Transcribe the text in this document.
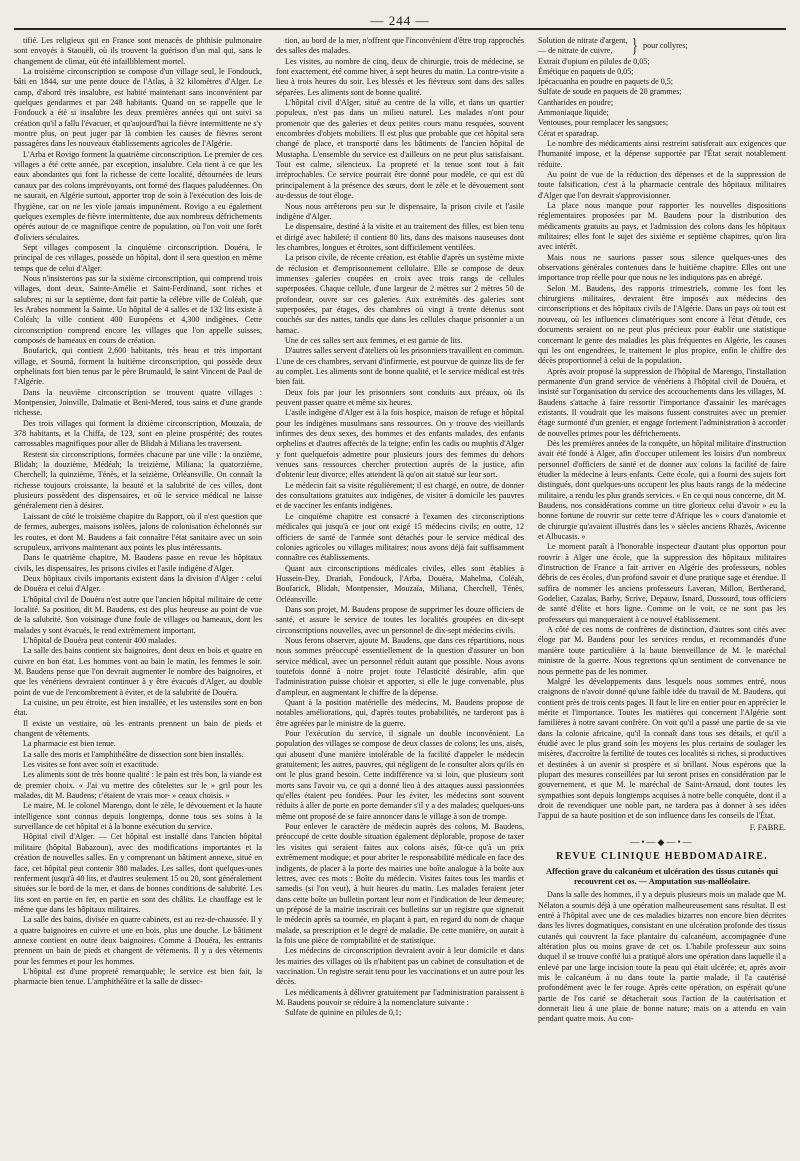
— 244 —

tifié. Les religieux qui en France sont menacés de phthisie pulmonaire sont envoyés à Staouëli, où ils trouvent la guérison d'un mal qui, sans le changement de climat, eût été infailliblement mortel.

La troisième circonscription se compose d'un village seul, le Fondouck, bâti en 1844, sur une pente douce de l'Atlas, à 32 kilomètres d'Alger. Le camp, d'abord très insalubre, est habité maintenant sans inconvénient par quelques gendarmes et par 248 habitants. Quand on se rappelle que le Fondouck a été si insalubre les deux premières années qui ont suivi sa création qu'il a fallu l'évacuer, et qu'aujourd'hui la fièvre intermittente ne s'y montre plus, on peut juger par là combien les causes de fièvres seront passagères dans les nouveaux établissements agricoles de l'Algérie.

L'Arba et Rovigo forment la quatrième circonscription. Le premier de ces villages a été cette année, par exception, insalubre. Cela tient à ce que les eaux abondantes qui font la richesse de cette localité, détournées de leurs canaux par des colons imprévoyants, ont formé des flaques paludéennes. On ne saurait, en Algérie surtout, apporter trop de soin à l'exécution des lois de l'hygiène, car on ne les viole jamais impunément. Rovigo a eu également quelques exemples de fièvre intermittente, due aux nombreux défrichements opérés autour de ce magnifique centre de population, où l'on voit une forêt d'oliviers séculaires.

Sept villages composent la cinquième circonscription. Douéra, le principal de ces villages, possède un hôpital, dont il sera question en même temps que de celui d'Alger.

Nous n'insisterons pas sur la sixième circonscription, qui comprend trois villages, dont deux, Sainte-Amélie et Saint-Ferdinand, sont riches et salubres; ni sur la septième, dont fait partie la célèbre ville de Coléah, que les Arabes nomment la Sainte. Un hôpital de 4 salles et de 132 lits existe à Coléah; la ville contient 400 Européens et 4,300 indigènes. Cette circonscription comprend encore les villages que l'on appelle suisses, composés de hameaux en cours de création.

Boufarick, qui contient 2,600 habitants, très beau et très important village, et Soumâ, forment la huitième circonscription, qui possède deux orphelinats fort bien tenus par le père Brumauld, le saint Vincent de Paul de l'Algérie.

Dans la neuvième circonscription se trouvent quatre villages : Montpensier, Joinville, Dalmatie et Beni-Mered, tous sains et d'une grande richesse.

Des trois villages qui forment la dixième circonscription, Mouzaïa, de 378 habitants, et la Chiffa, de 123, sont en pleine prospérité; des routes carrossables magnifiques pour aller de Blidah à Miliana les traversent.

Restent six circonscriptions, formées chacune par une ville : la onzième, Blidah; la douzième, Médéah; la treizième, Miliana; la quatorzième, Cherchell; la quinzième, Ténès, et la seizième, Orléansville. On connaît la richesse toujours croissante, la beauté et la salubrité de ces villes, dont plusieurs possèdent des dispensaires, et où le service médical ne laisse généralement rien à désirer.

Laissant de côté le troisième chapitre du Rapport, où il n'est question que de fermes, auberges, maisons isolées, jalons de colonisation échelonnés sur les routes, et dont M. Baudens a fait connaître l'état sanitaire avec un soin scrupuleux, arrivons maintenant aux points les plus intéressants.

Dans le quatrième chapitre, M. Baudens passe en revue les hôpitaux civils, les dispensaires, les prisons civiles et l'asile indigène d'Alger.

Deux hôpitaux civils importants existent dans la division d'Alger : celui de Douéra et celui d'Alger.

L'hôpital civil de Douéra n'est autre que l'ancien hôpital militaire de cette localité. Sa position, dit M. Baudens, est des plus heureuse au point de vue de la salubrité. Son voisinage d'une foule de villages ou hameaux, dont les malades y sont évacués, le rend extrêmement important.

L'hôpital de Douéra peut contenir 400 malades.

La salle des bains contient six baignoires, dont deux en bois et quatre en cuivre en bon état. Les hommes vont au bain le matin, les femmes le soir. M. Baudens pense que l'on devrait augmenter le nombre des baignoires, et que les vénériens devraient continuer à y être évacués d'Alger, au double point de vue de l'encombrement à éviter, et de la salubrité de Douéra.

La cuisine, un peu étroite, est bien installée, et les ustensiles sont en bon état.

Il existe un vestiaire, où les entrants prennent un bain de pieds et changent de vêtements.

La pharmacie est bien tenue.

La salle des morts et l'amphithéâtre de dissection sont bien installés.

Les visites se font avec soin et exactitude.

Les aliments sont de très bonne qualité : le pain est très bon, la viande est de premier choix. « J'ai vu mettre des côtelettes sur le » gril pour les malades, dit M. Baudens; c'étaient de vrais mor- » ceaux choisis. »

Le maire, M. le colonel Marengo, dont le zèle, le dévouement et la haute intelligence sont connus depuis longtemps, donne tous ses soins à la surveillance de cet hôpital et à la bonne exécution du service.

Hôpital civil d'Alger. — Cet hôpital est installé dans l'ancien hôpital militaire (hôpital Babazoun), avec des modifications importantes et la création de nouvelles salles. En y comprenant un bâtiment annexe, situé en face, cet hôpital peut contenir 380 malades. Les salles, dont quelques-unes renferment jusqu'à 40 lits, et d'autres seulement 15 ou 20, sont généralement situées sur le bord de la mer, et dans de bonnes conditions de salubrité. Les lits sont en partie en fer, en partie en sont des châlits. Le chauffage est le même que dans les hôpitaux militaires.

La salle des bains, divisée en quatre cabinets, est au rez-de-chaussée. Il y a quatre baignoires en cuivre et une en bois, plus une douche. Le bâtiment annexe contient en outre deux baignoires. Comme à Douéra, les entrants prennent un bain de pieds et changent de vêtements. Il y a des vêtements pour les femmes et pour les hommes.

L'hôpital est d'une propreté remarquable; le service est bien fait, la pharmacie bien tenue. L'amphithéâtre et la salle de dissec-

tion, au bord de la mer, n'offrent que l'inconvénient d'être trop rapprochés des salles des malades.

Les visites, au nombre de cinq, deux de chirurgie, trois de médecine, se font exactement, été comme hiver, à sept heures du matin. La contre-visite a lieu à trois heures du soir. Les blessés et les fiévreux sont dans des salles séparées. Les aliments sont de bonne qualité.

L'hôpital civil d'Alger, situé au centre de la ville, et dans un quartier populeux, n'est pas dans un milieu naturel. Les malades n'ont pour promenoir que des galeries et deux petites cours manu resquées, souvent encombrées d'objets mobiliers. Il est plus que probable que cet hôpital sera changé de place, et transporté dans les bâtiments de l'ancien hôpital de Mustapha. L'ensemble du service est d'ailleurs on ne peut plus satisfaisant. Tout est calme, silencieux. La propreté et la tenue sont tout à fait irréprochables. Ce service pourrait être donné pour modèle, ce qui est dû principalement à la présence des sœurs, dont le zèle et le dévouement sont au-dessus de tout éloge.

Nous nous arrêterons peu sur le dispensaire, la prison civile et l'asile indigène d'Alger.

Le dispensaire, destiné à la visite et au traitement des filles, est bien tenu et dirigé avec habileté; il contient 80 lits, dans des maisons nauseuses dont les chambres, longues et étroites, sont difficilement ventilées.

La prison civile, de récente création, est établie d'après un système mixte de réclusion et d'emprisonnement cellulaire. Elle se compose de deux immenses galeries coupées en croix avec trois rangs de cellules superposées. Chaque cellule, d'une largeur de 2 mètres sur 2 mètres 50 de profondeur, ouvre sur ces galeries. Aux extrémités des galeries sont superposées, par étages, des chambres où vingt à trente détenus sont couchés sur des nattes, tandis que dans les cellules chaque prisonnier a un hamac.

Une de ces salles sert aux femmes, et est garnie de lits.

D'autres salles servent d'ateliers où les prisonniers travaillent en commun. L'une de ces chambres, servant d'infirmerie, est pourvue de quinze lits de fer au complet. Les aliments sont de bonne qualité, et le service médical est très bien fait.

Deux fois par jour les prisonniers sont conduits aux préaux, où ils peuvent passer quatre et même six heures.

L'asile indigène d'Alger est à la fois hospice, maison de refuge et hôpital pour les indigènes musulmans sans ressources. On y trouve des vieillards infirmes des deux sexes, des hommes et des enfants malades, des enfants orphelins et d'autres affectés de la teigne; enfin les cadis ou muphtis d'Alger y font quelquefois admettre pour plusieurs jours des femmes du dehors venues sans ressources chercher protection auprès de la justice, afin d'obtenir leur divorce; elles attendent là qu'on ait statué sur leur sort.

Le médecin fait sa visite régulièrement; il est chargé, en outre, de donner des consultations gratuites aux indigènes, de visiter à domicile les pauvres et de vacciner les enfants indigènes.

Le cinquième chapitre est consacré à l'examen des circonscriptions médicales qui jusqu'à ce jour ont exigé 15 médecins civils; en outre, 12 officiers de santé de l'armée sont détachés pour le service médical des colonies agricoles ou villages militaires; nous avons déjà fait suffisamment connaître ces établissements.

Quant aux circonscriptions médicales civiles, elles sont établies à Hussein-Dey, Drariah, Fondouck, l'Arba, Douéra, Mahelma, Coléah, Boufarick, Blidah, Montpensier, Mouzaïa, Miliana, Cherchell, Ténès, Orléansville.

Dans son projet, M. Baudens propose de supprimer les douze officiers de santé, et assure le service de toutes les localités groupées en dix-sept circonscriptions nouvelles, avec un personnel de dix-sept médecins civils.

Nous ferons observer, ajoute M. Baudens, que dans ces répartitions, nous nous sommes préoccupé essentiellement de la question d'assurer un bon service médical, avec un personnel réduit autant que possible. Nous avons toutefois donné à notre projet toute l'élasticité désirable, afin que l'administration puisse choisir et apporter, si elle le juge convenable, plus d'ampleur, en augmentant le chiffre de la dépense.

Quant à la position matérielle des médecins, M. Baudens propose de notables améliorations, qui, d'après toutes probabilités, ne tarderont pas à être agréées par le ministre de la guerre.

Pour l'exécution du service, il signale un double inconvénient. La population des villages se compose de deux classes de colons; les uns, aisés, qui abusent d'une manière intolérable de la facilité d'appeler le médecin gratuitement; les autres, pauvres, qui négligent de le consulter alors qu'ils en ont le plus grand besoin. Cette indifférence va si loin, que plusieurs sont morts sans l'avoir vu, ce qui a donné lieu à des attaques aussi passionnées qu'elles étaient peu fondées. Pour les éviter, les médecins sont souvent réduits à aller de porte en porte demander s'il y a des malades; quelques-uns même ont proposé de se faire annoncer dans le village à son de trompe.

Pour enlever le caractère de médecin auprès des colons, M. Baudens, préoccupé de cette double situation également déplorable, propose de taxer les visites qui seraient faites aux colons aisés, fût-ce qu'à un prix extrêmement modique; et pour abriter le responsabilité médicale en face des indigents, de placer à la porte des mairies une boîte analogue à la boîte aux lettres, avec ces mots : Boîte du médecin. Visites faites tous les mardis et samedis (si l'on veut), à huit heures du matin. Les malades feraient jeter dans cette boîte un bulletin portant leur nom et l'indication de leur demeure; un préposé de la mairie inscrirait ces bulletins sur un registre que signerait le médecin après sa tournée, en plaçant à part, en regard du nom de chaque malade, sa prescription et le degré de maladie. De cette manière, on aurait à la fois une pièce de comptabilité et de statistique.

Les médecins de circonscription devraient avoir à leur domicile et dans les mairies des villages où ils n'habitent pas un cabinet de consultation et de vaccination. Un registre serait tenu pour les vaccinations et un autre pour les décès.

Les médicaments à délivrer gratuitement par l'administration paraissent à M. Baudens pouvoir se réduire à la nomenclature suivante :

Sulfate de quinine en pilules de 0,1;

Solution de nitrate d'argent,
— de nitrate de cuivre, } pour collyres;
Extrait d'opium en pilules de 0,05;
Émétique en paquets de 0,05;
Ipécacuanha en poudre en paquets de 0,5;
Sulfate de soude en paquets de 20 grammes;
Cantharides en poudre;
Ammoniaque liquide;
Ventouses, pour remplacer les sangsues;
Cérat et sparadrap.

Le nombre des médicaments ainsi restreint satisferait aux exigences que l'humanité impose, et la dépense supportée par l'État serait notablement réduite.

Au point de vue de la réduction des dépenses et de la suppression de toute falsification, c'est à la pharmacie centrale des hôpitaux militaires d'Alger que l'on devrait s'approvisionner.

La place nous manque pour rapporter les nouvelles dispositions réglementaires proposées par M. Baudens pour la distribution des médicaments gratuits au pays, et l'admission des colons dans les hôpitaux militaires; elles font le sujet des sixième et septième chapitres, qu'on lira avec intérêt.

Mais nous ne saurions passer sous silence quelques-unes des observations générales contenues dans le huitième chapitre. Elles ont une importance trop réelle pour que nous ne les indiquions pas en abrégé.

Selon M. Baudens, des rapports trimestriels, comme les font les chirurgiens militaires, devraient être imposés aux médecins des circonscriptions et des hôpitaux civils de l'Algérie. Dans un pays où tout est nouveau, où les influences climatériques sont encore à l'état d'étude, ces documents seraient on ne peut plus précieux pour établir une statistique concernant le genre des maladies les plus fréquentes en Algérie, les causes qui les ont engendrées, le traitement le plus propice, enfin le chiffre des décès proportionnel à celui de la population.

Après avoir proposé la suppression de l'hôpital de Marengo, l'installation permanente d'un grand service de vénériens à l'hôpital civil de Douéra, et insisté sur l'organisation du service des accouchements dans les villages, M. Baudens s'attache à faire ressortir l'importance d'assainir les marécages existants. Il voudrait que les maisons fussent construites avec un premier étage surmonté d'un grenier, et engage fortement l'administration à accorder de nouvelles primes pour les défrichements.

Dès les premières années de la conquête, un hôpital militaire d'instruction avait été fondé à Alger, afin d'occuper utilement les loisirs d'un nombreux personnel d'officiers de santé et de donner aux colons la facilité de faire étudier la médecine à leurs enfants. Cette école, qui a fourni des sujets fort distingués, dont quelques-uns occupent les plus hauts rangs de la médecine militaire, a rendu les plus grands services. « En ce qui nous concerne, dit M. Baudens, nos considérations comme un titre glorieux celui d'avoir » eu la bonne fortune de rouvrir sur cette terre d'Afrique les » cours d'anatomie et de chirurgie qu'avaient illustrés dans les » siècles anciens Rhazès, Avicenne et Albucasis. »

Le moment paraît à l'honorable inspecteur d'autant plus opportun pour rouvrir à Alger une école, que la suppression des hôpitaux militaires d'instruction de France a fait arriver en Algérie des professeurs, nobles débris de ces écoles, d'un profond savoir et d'une pratique sage et étendue. Il suffira de nommer les anciens professeurs Laveran, Millon, Bertherand, Godelier, Cazalas, Barby, Scrive, Depauw, Isnard, Dussourd, tous officiers de santé d'élite et hors ligne. Comme on le voit, ce ne sont pas les professeurs qui manqueraient à ce nouvel établissement.

A côté de ces noms de confrères de distinction, d'autres sont cités avec éloge par M. Baudens pour les services rendus, et recommandés d'une manière toute particulière à la haute bienveillance de M. le maréchal ministre de la guerre. Nous regrettons qu'un sentiment de convenance ne nous permette pas de les nommer.

Malgré les développements dans lesquels nous sommes entré, nous craignons de n'avoir donné qu'une faible idée du travail de M. Baudens, qui contient près de trois cents pages. Il faut le lire en entier pour en apprécier le mérite et l'importance. Toutes les matières qui concernent l'Algérie sont familières à notre savant confrère. On voit qu'il a passé une partie de sa vie dans la colonie africaine, qu'il la connaît dans tous ses détails, et qu'il a étudié avec le plus grand soin les moyens les plus certains de soulager les misères, d'accroître la fertilité de toutes ces localités si riches, si productives et destinées à un avenir si prospère et si brillant. Nous espérons que la plupart des mesures conseillées par lui seront prises en considération par le gouvernement, et que M. le maréchal de Saint-Arnaud, dont toutes les sympathies sont depuis longtemps acquises à notre belle conquête, dont il a droit de revendiquer une noble part, ne tardera pas à donner à ses idées l'appui de sa haute position et de son influence dans les conseils de l'État.

F. FABRE.
—•—◆—•—
REVUE CLINIQUE HEBDOMADAIRE.
Affection grave du calcanéum et ulcération des tissus cutanés qui recouvrent cet os. — Amputation sus-malléolaire.

Dans la salle des hommes, il y a depuis plusieurs mois un malade que M. Nélaton a soumis déjà à une opération malheureusement sans résultat. Il est entré à l'hôpital avec une de ces maladies bizarres non encore bien décrites dans les livres dogmatiques, consistant en une ulcération profonde des tissus cutanés qui couvrent la face plantaire du calcanéum, accompagnée d'une altération plus ou moins grave de cet os. L'habile professeur aux soins duquel il se trouve confié lui a pratiqué alors une opération dans laquelle il a enlevé par une large incision toute la peau qui était ulcérée; et, après avoir mis le calcanéum à nu dans toute la partie malade, il l'a cautérisé profondément avec le fer rouge. Après cette opération, on espérait qu'une partie de l'os carié se détacherait sous l'action de la cautérisation et donnerait lieu à une plaie de bonne nature; mais on a attendu en vain pendant quatre mois. Au con-
